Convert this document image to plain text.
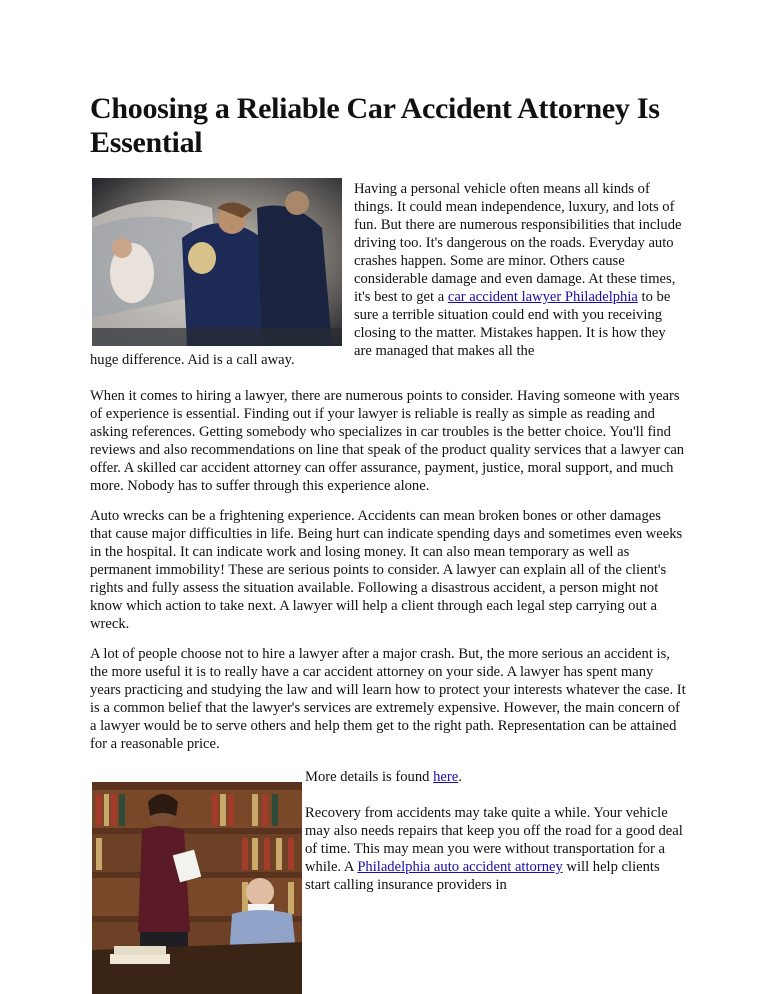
Choosing a Reliable Car Accident Attorney Is Essential

Having a personal vehicle often means all kinds of things. It could mean independence, luxury, and lots of fun. But there are numerous responsibilities that include driving too. It's dangerous on the roads. Everyday auto crashes happen. Some are minor. Others cause considerable damage and even damage. At these times, it's best to get a car accident lawyer Philadelphia to be sure a terrible situation could end with you receiving closing to the matter. Mistakes happen. It is how they are managed that makes all the

huge difference. Aid is a call away.

When it comes to hiring a lawyer, there are numerous points to consider. Having someone with years of experience is essential. Finding out if your lawyer is reliable is really as simple as reading and asking references. Getting somebody who specializes in car troubles is the better choice. You'll find reviews and also recommendations on line that speak of the product quality services that a lawyer can offer. A skilled car accident attorney can offer assurance, payment, justice, moral support, and much more. Nobody has to suffer through this experience alone.

Auto wrecks can be a frightening experience. Accidents can mean broken bones or other damages that cause major difficulties in life. Being hurt can indicate spending days and sometimes even weeks in the hospital. It can indicate work and losing money. It can also mean temporary as well as permanent immobility! These are serious points to consider. A lawyer can explain all of the client's rights and fully assess the situation available. Following a disastrous accident, a person might not know which action to take next. A lawyer will help a client through each legal step carrying out a wreck.

A lot of people choose not to hire a lawyer after a major crash. But, the more serious an accident is, the more useful it is to really have a car accident attorney on your side. A lawyer has spent many years practicing and studying the law and will learn how to protect your interests whatever the case. It is a common belief that the lawyer's services are extremely expensive. However, the main concern of a lawyer would be to serve others and help them get to the right path. Representation can be attained for a reasonable price.

More details is found here.
Recovery from accidents may take quite a while. Your vehicle may also needs repairs that keep you off the road for a good deal of time. This may mean you were without transportation for a while. A Philadelphia auto accident attorney will help clients start calling insurance providers in
